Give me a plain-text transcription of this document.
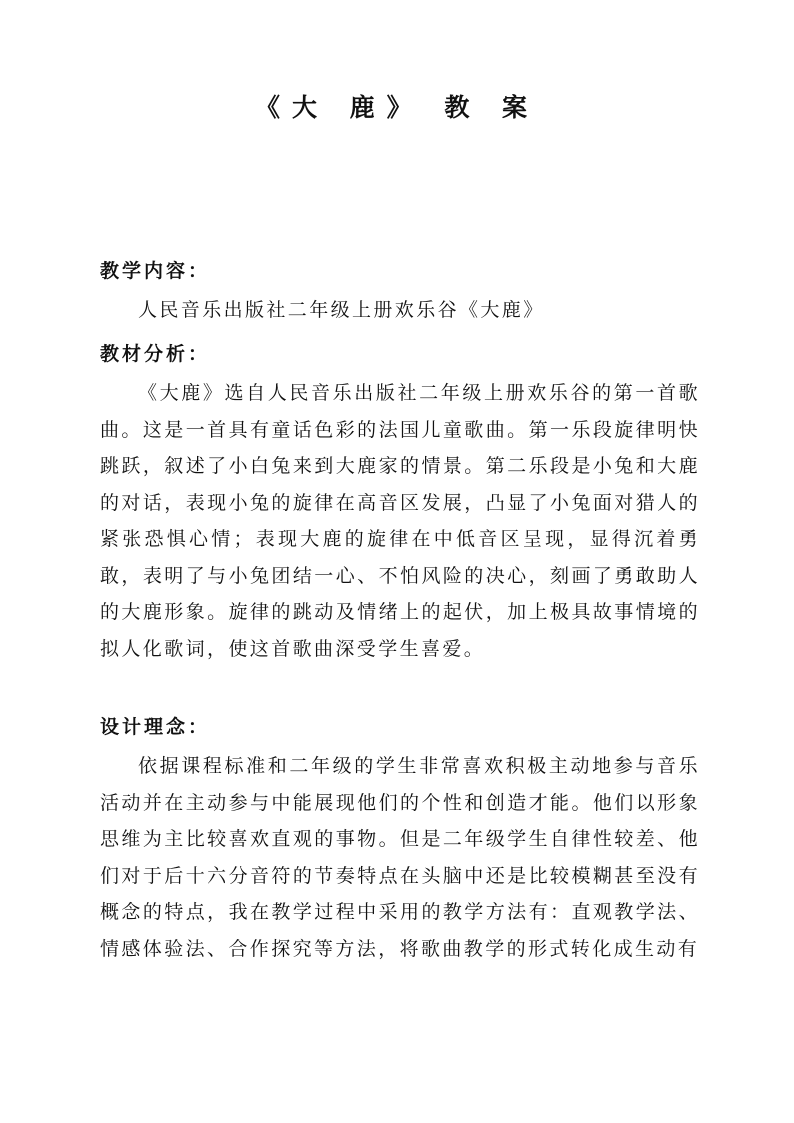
《大 鹿》 教 案
教学内容：
人民音乐出版社二年级上册欢乐谷《大鹿》
教材分析：
《大鹿》选自人民音乐出版社二年级上册欢乐谷的第一首歌曲。这是一首具有童话色彩的法国儿童歌曲。第一乐段旋律明快跳跃，叙述了小白兔来到大鹿家的情景。第二乐段是小兔和大鹿的对话，表现小兔的旋律在高音区发展，凸显了小兔面对猎人的紧张恐惧心情；表现大鹿的旋律在中低音区呈现，显得沉着勇敢，表明了与小兔团结一心、不怕风险的决心，刻画了勇敢助人的大鹿形象。旋律的跳动及情绪上的起伏，加上极具故事情境的拟人化歌词，使这首歌曲深受学生喜爱。
设计理念：
依据课程标准和二年级的学生非常喜欢积极主动地参与音乐活动并在主动参与中能展现他们的个性和创造才能。他们以形象思维为主比较喜欢直观的事物。但是二年级学生自律性较差、他们对于后十六分音符的节奏特点在头脑中还是比较模糊甚至没有概念的特点，我在教学过程中采用的教学方法有：直观教学法、情感体验法、合作探究等方法，将歌曲教学的形式转化成生动有
